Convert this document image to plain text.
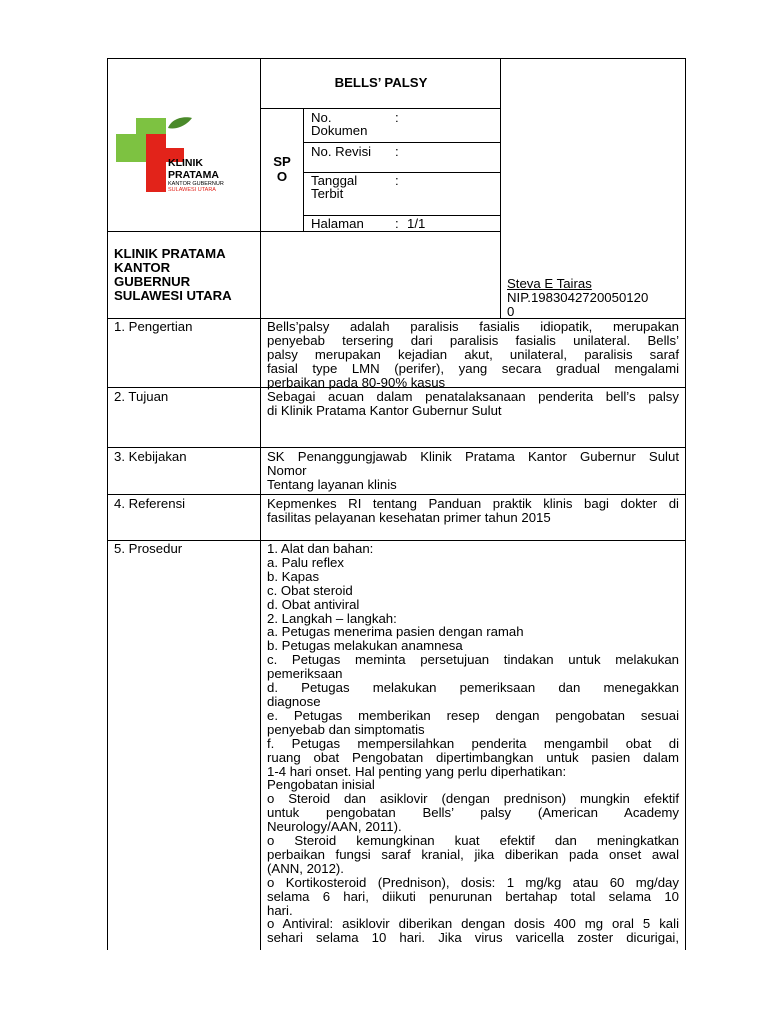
KLINIK
PRATAMA
KANTOR GUBERNUR
SULAWESI UTARA
BELLS’ PALSY
SP
O
No.
Dokumen
:
No. Revisi :
Tanggal
Terbit
:
Halaman : 1/1
KLINIK PRATAMA
KANTOR
GUBERNUR
SULAWESI UTARA
Steva E Tairas
NIP.1983042720050120
0
1. Pengertian
2. Tujuan
3. Kebijakan
4. Referensi
5. Prosedur
Bells’palsy adalah paralisis fasialis idiopatik, merupakan
penyebab tersering dari paralisis fasialis unilateral. Bells’
palsy merupakan kejadian akut, unilateral, paralisis saraf
fasial type LMN (perifer), yang secara gradual mengalami
perbaikan pada 80-90% kasus
Sebagai acuan dalam penatalaksanaan penderita bell’s palsy
di Klinik Pratama Kantor Gubernur Sulut
SK Penanggungjawab Klinik Pratama Kantor Gubernur Sulut
Nomor
Tentang layanan klinis
Kepmenkes RI tentang Panduan praktik klinis bagi dokter di
fasilitas pelayanan kesehatan primer tahun 2015
1. Alat dan bahan:
a. Palu reflex
b. Kapas
c. Obat steroid
d. Obat antiviral
2. Langkah – langkah:
a. Petugas menerima pasien dengan ramah
b. Petugas melakukan anamnesa
c. Petugas meminta persetujuan tindakan untuk melakukan
pemeriksaan
d. Petugas melakukan pemeriksaan dan menegakkan
diagnose
e. Petugas memberikan resep dengan pengobatan sesuai
penyebab dan simptomatis
f. Petugas mempersilahkan penderita mengambil obat di
ruang obat Pengobatan dipertimbangkan untuk pasien dalam
1-4 hari onset. Hal penting yang perlu diperhatikan:
Pengobatan inisial
o Steroid dan asiklovir (dengan prednison) mungkin efektif
untuk pengobatan Bells’ palsy (American Academy
Neurology/AAN, 2011).
o Steroid kemungkinan kuat efektif dan meningkatkan
perbaikan fungsi saraf kranial, jika diberikan pada onset awal
(ANN, 2012).
o Kortikosteroid (Prednison), dosis: 1 mg/kg atau 60 mg/day
selama 6 hari, diikuti penurunan bertahap total selama 10
hari.
o Antiviral: asiklovir diberikan dengan dosis 400 mg oral 5 kali
sehari selama 10 hari. Jika virus varicella zoster dicurigai,
